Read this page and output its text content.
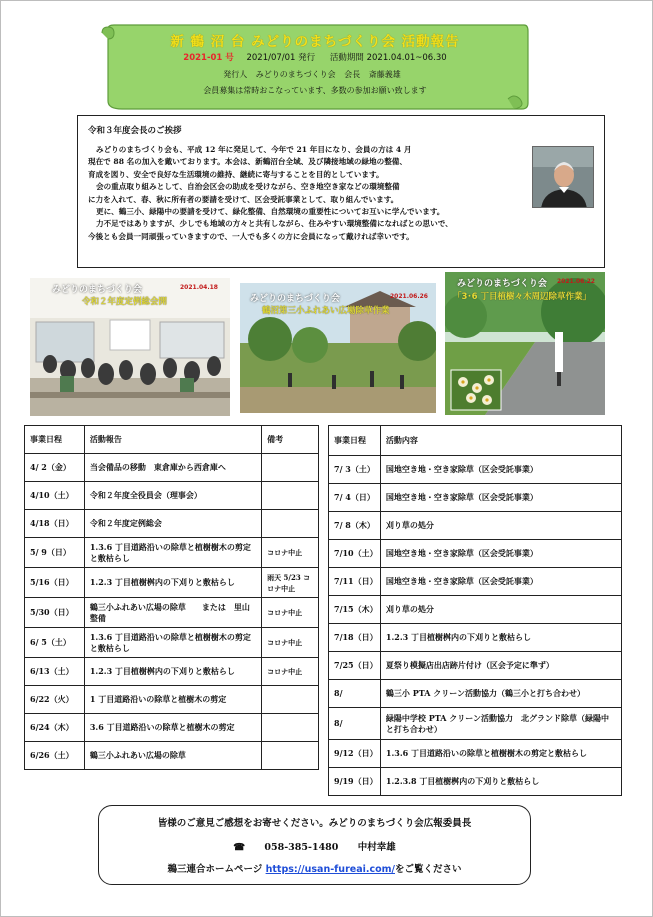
新 鶴 沼 台 みどりのまちづくり会 活動報告
2021-01 号 2021/07/01 発行 活動期間 2021.04.01~06.30
発行人 みどりのまちづくり会 会長 斎藤義雄
会員募集は常時おこなっています、多数の参加お願い致します
令和３年度会長のご挨拶
みどりのまちづくり会も、平成 12 年に発足して、今年で 21 年目になり、会員の方は 4 月
現在で 88 名の加入を戴いております。本会は、新鶴沼台全域、及び隣接地域の緑地の整備、
育成を図り、安全で良好な生活環境の維持、継続に寄与することを目的としています。
会の重点取り組みとして、自治会区会の助成を受けながら、空き地空き家などの環境整備
に力を入れて、春、秋に所有者の要請を受けて、区会受託事業として、取り組んでいます。
更に、鶴三小、緑陽中の要請を受けて、緑化整備、自然環境の重要性についてお互いに学んでいます。
力不足ではありますが、少しでも地域の方々と共有しながら、住みやすい環境整備になればとの思いで、
今後とも会員一同頑張っていきますので、一人でも多くの方に会員になって戴ければ幸いです。
みどりのまちづくり会	2021.04.18
令和２年度定例総会開	みどりのまちづくり会	2021.06.26
鶴沼第三小ふれあい広場除草作業
みどりのまちづくり会 2021.06.22
「3･6 丁目植樹々木周辺除草作業」
事業日程	活動報告	備考
4/ 2（金）	当会備品の移動　東倉庫から西倉庫へ	
4/10（土）	令和２年度全役員会（理事会）	
4/18（日）	令和２年度定例総会	
5/ 9（日）	1.3.6 丁目道路沿いの除草と植樹樹木の剪定と敷枯らし	コロナ中止
5/16（日）	1.2.3 丁目植樹桝内の下刈りと敷枯らし	雨天 5/23 コロナ中止
5/30（日）	鶴三小ふれあい広場の除草　　または　里山整備	コロナ中止
6/ 5（土）	1.3.6 丁目道路沿いの除草と植樹樹木の剪定と敷枯らし	コロナ中止
6/13（土）	1.2.3 丁目植樹桝内の下刈りと敷枯らし	コロナ中止
6/22（火）	1 丁目道路沿いの除草と植樹木の剪定	
6/24（木）	3.6 丁目道路沿いの除草と植樹木の剪定	
6/26（土）	鶴三小ふれあい広場の除草	
事業日程	活動内容
7/ 3（土）	国地空き地・空き家除草（区会受託事業）
7/ 4（日）	国地空き地・空き家除草（区会受託事業）
7/ 8（木）	刈り草の処分
7/10（土）	国地空き地・空き家除草（区会受託事業）
7/11（日）	国地空き地・空き家除草（区会受託事業）
7/15（木）	刈り草の処分
7/18（日）	1.2.3 丁目植樹桝内の下刈りと敷枯らし
7/25（日）	夏祭り模擬店出店跡片付け（区会予定に準ず）
8/	鶴三小 PTA クリーン活動協力（鶴三小と打ち合わせ）
8/	緑陽中学校 PTA クリーン活動協力　北グランド除草（緑陽中と打ち合わせ）
9/12（日）	1.3.6 丁目道路沿いの除草と植樹樹木の剪定と敷枯らし
9/19（日）	1.2.3.8 丁目植樹桝内の下刈りと敷枯らし
皆様のご意見ご感想をお寄せください。みどりのまちづくり会広報委員長
☎ 058-385-1480 中村幸雄
鵜三連合ホームページ https://usan-fureai.com/をご覧ください
